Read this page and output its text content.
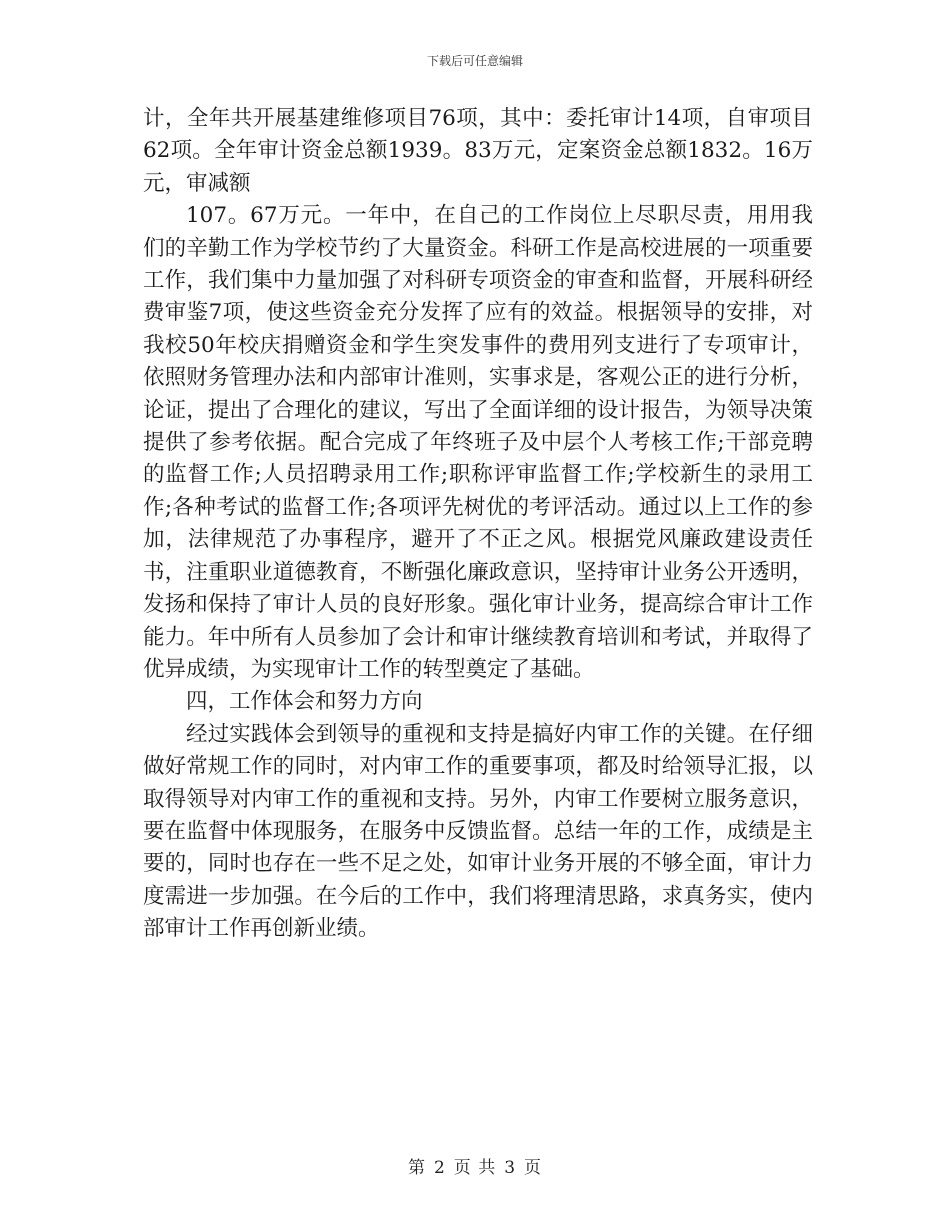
下载后可任意编辑

计，全年共开展基建维修项目76项，其中：委托审计14项，自审项目62项。全年审计资金总额1939。83万元，定案资金总额1832。16万元，审减额

107。67万元。一年中，在自己的工作岗位上尽职尽责，用用我们的辛勤工作为学校节约了大量资金。科研工作是高校进展的一项重要工作，我们集中力量加强了对科研专项资金的审查和监督，开展科研经费审鉴7项，使这些资金充分发挥了应有的效益。根据领导的安排，对我校50年校庆捐赠资金和学生突发事件的费用列支进行了专项审计，依照财务管理办法和内部审计准则，实事求是，客观公正的进行分析，论证，提出了合理化的建议，写出了全面详细的设计报告，为领导决策提供了参考依据。配合完成了年终班子及中层个人考核工作;干部竞聘的监督工作;人员招聘录用工作;职称评审监督工作;学校新生的录用工作;各种考试的监督工作;各项评先树优的考评活动。通过以上工作的参加，法律规范了办事程序，避开了不正之风。根据党风廉政建设责任书，注重职业道德教育，不断强化廉政意识，坚持审计业务公开透明，发扬和保持了审计人员的良好形象。强化审计业务，提高综合审计工作能力。年中所有人员参加了会计和审计继续教育培训和考试，并取得了优异成绩，为实现审计工作的转型奠定了基础。

四，工作体会和努力方向

经过实践体会到领导的重视和支持是搞好内审工作的关键。在仔细做好常规工作的同时，对内审工作的重要事项，都及时给领导汇报，以取得领导对内审工作的重视和支持。另外，内审工作要树立服务意识，要在监督中体现服务，在服务中反馈监督。总结一年的工作，成绩是主要的，同时也存在一些不足之处，如审计业务开展的不够全面，审计力度需进一步加强。在今后的工作中，我们将理清思路，求真务实，使内部审计工作再创新业绩。

第 2 页 共 3 页
